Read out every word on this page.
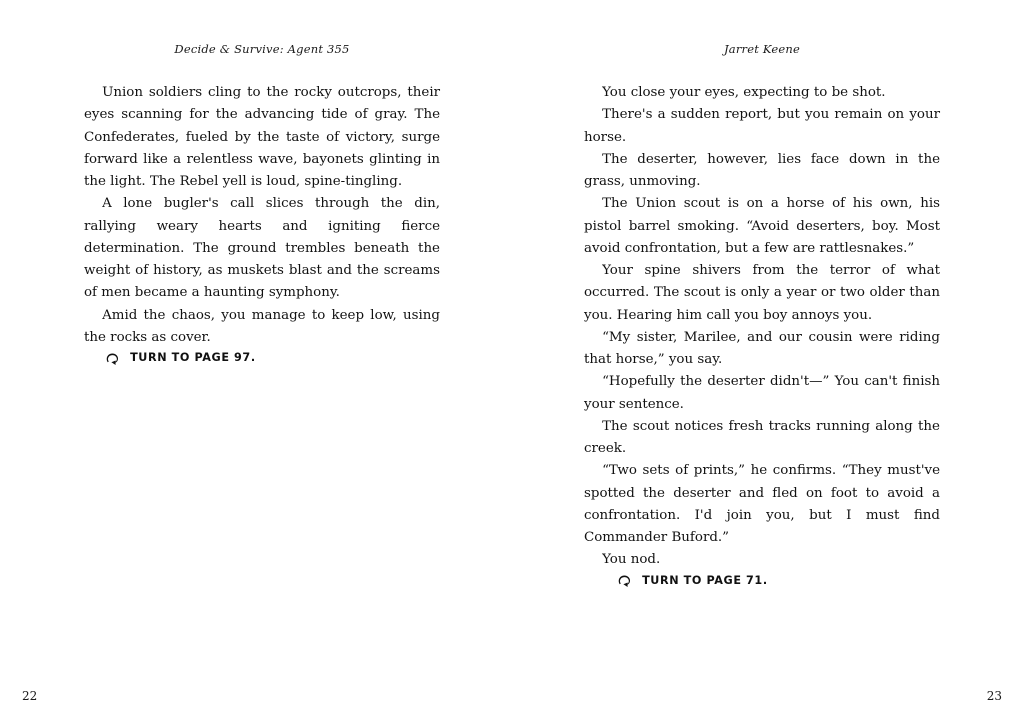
Decide & Survive: Agent 355

Union soldiers cling to the rocky outcrops, their eyes scanning for the advancing tide of gray. The Confederates, fueled by the taste of victory, surge forward like a relentless wave, bayonets glinting in the light. The Rebel yell is loud, spine-tingling.

A lone bugler's call slices through the din, rallying weary hearts and igniting fierce determination. The ground trembles beneath the weight of history, as muskets blast and the screams of men became a haunting symphony.

Amid the chaos, you manage to keep low, using the rocks as cover.

TURN TO PAGE 97.

22
Jarret Keene

You close your eyes, expecting to be shot.

There's a sudden report, but you remain on your horse.

The deserter, however, lies face down in the grass, unmoving.

The Union scout is on a horse of his own, his pistol barrel smoking. “Avoid deserters, boy. Most avoid confrontation, but a few are rattlesnakes.”

Your spine shivers from the terror of what occurred. The scout is only a year or two older than you. Hearing him call you boy annoys you.

“My sister, Marilee, and our cousin were riding that horse,” you say.

“Hopefully the deserter didn't—” You can't finish your sentence.

The scout notices fresh tracks running along the creek.

“Two sets of prints,” he confirms. “They must've spotted the deserter and fled on foot to avoid a confrontation. I'd join you, but I must find Commander Buford.”

You nod.

TURN TO PAGE 71.

23
